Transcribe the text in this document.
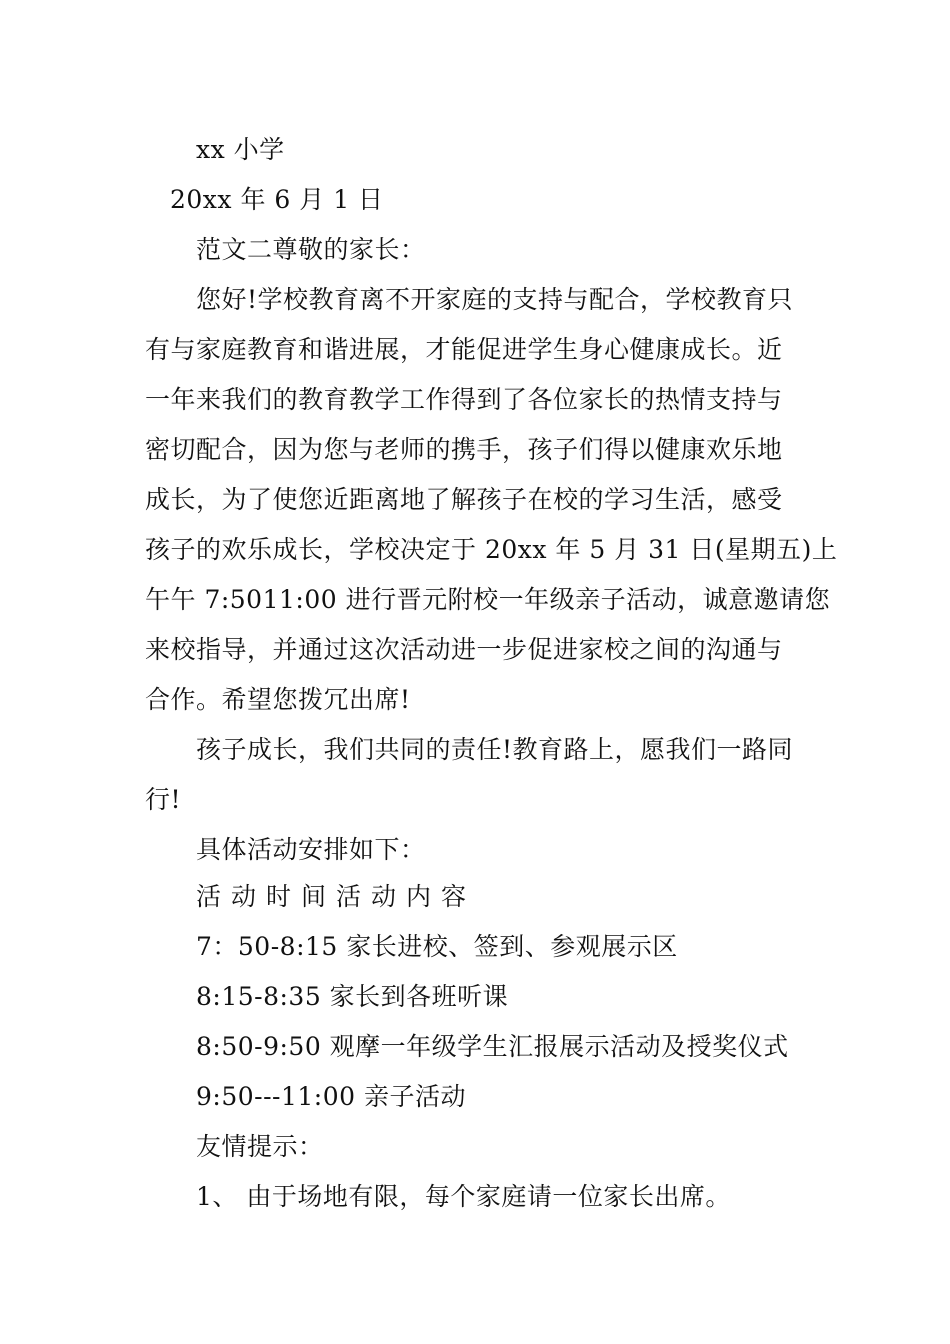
xx 小学
20xx 年 6 月 1 日
范文二尊敬的家长：
您好!学校教育离不开家庭的支持与配合，学校教育只
有与家庭教育和谐进展，才能促进学生身心健康成长。近
一年来我们的教育教学工作得到了各位家长的热情支持与
密切配合，因为您与老师的携手，孩子们得以健康欢乐地
成长，为了使您近距离地了解孩子在校的学习生活，感受
孩子的欢乐成长，学校决定于 20xx 年 5 月 31 日(星期五)上
午午 7:5011:00 进行晋元附校一年级亲子活动，诚意邀请您
来校指导，并通过这次活动进一步促进家校之间的沟通与
合作。希望您拨冗出席!
孩子成长，我们共同的责任!教育路上，愿我们一路同
行!
具体活动安排如下：
活动时间活动内容
7：50-8:15 家长进校、签到、参观展示区
8:15-8:35 家长到各班听课
8:50-9:50 观摩一年级学生汇报展示活动及授奖仪式
9:50---11:00 亲子活动
友情提示：
1、 由于场地有限，每个家庭请一位家长出席。
